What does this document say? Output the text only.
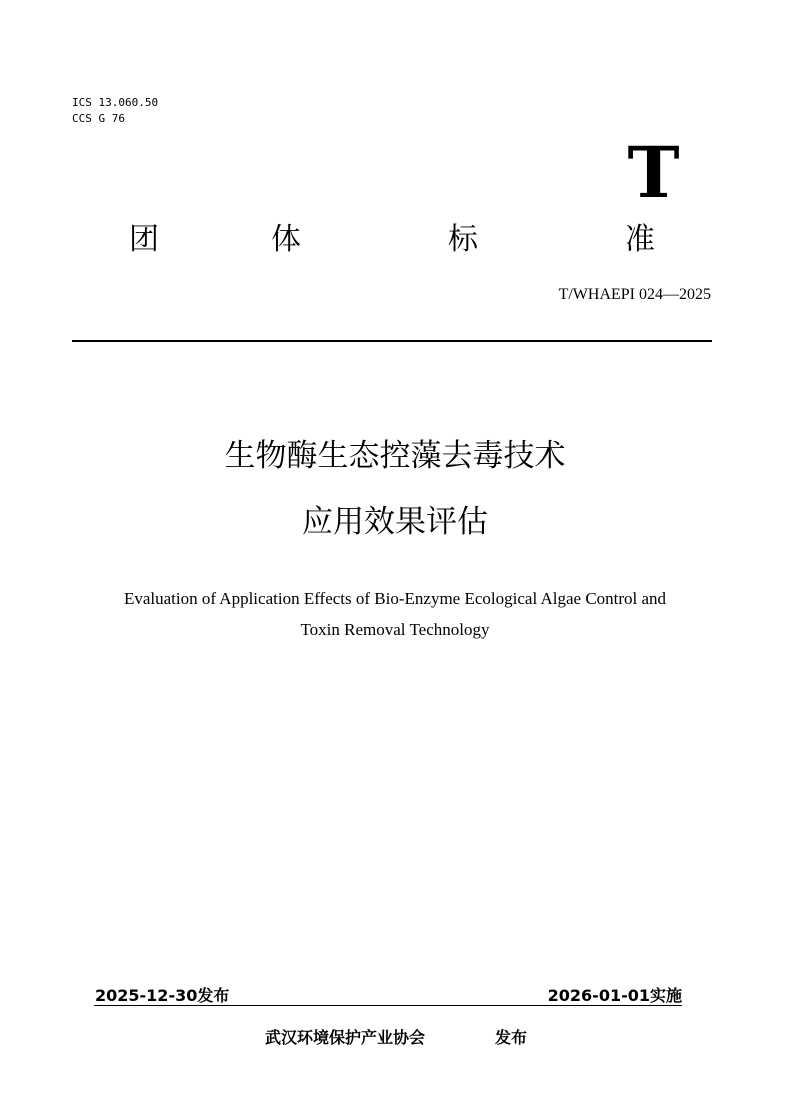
ICS 13.060.50
CCS G 76
T
团	体	标	准
T/WHAEPI 024—2025
生物酶生态控藻去毒技术
应用效果评估
Evaluation of Application Effects of Bio-Enzyme Ecological Algae Control and
Toxin Removal Technology
2025-12-30发布	2026-01-01实施
武汉环境保护产业协会	发布
